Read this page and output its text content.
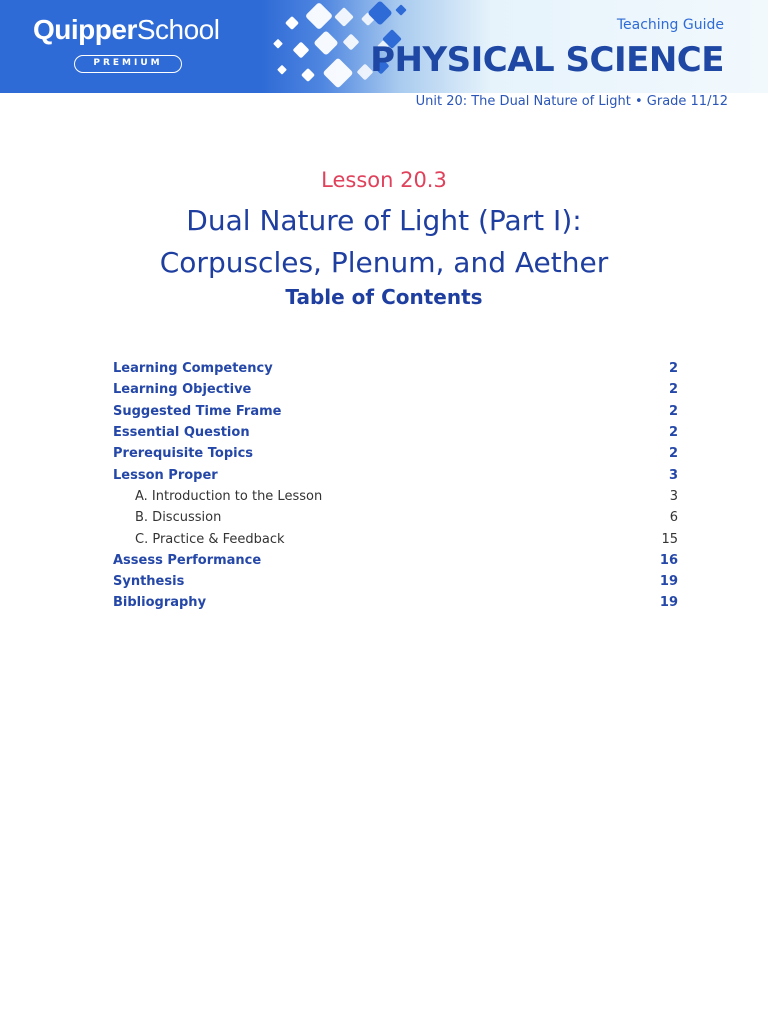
QuipperSchool
PREMIUM
Teaching Guide
PHYSICAL SCIENCE
Unit 20: The Dual Nature of Light • Grade 11/12
Lesson 20.3
Dual Nature of Light (Part I):
Corpuscles, Plenum, and Aether
Table of Contents
Learning Competency	2
Learning Objective	2
Suggested Time Frame	2
Essential Question	2
Prerequisite Topics	2
Lesson Proper	3
A. Introduction to the Lesson	3
B. Discussion	6
C. Practice & Feedback	15
Assess Performance	16
Synthesis	19
Bibliography	19
